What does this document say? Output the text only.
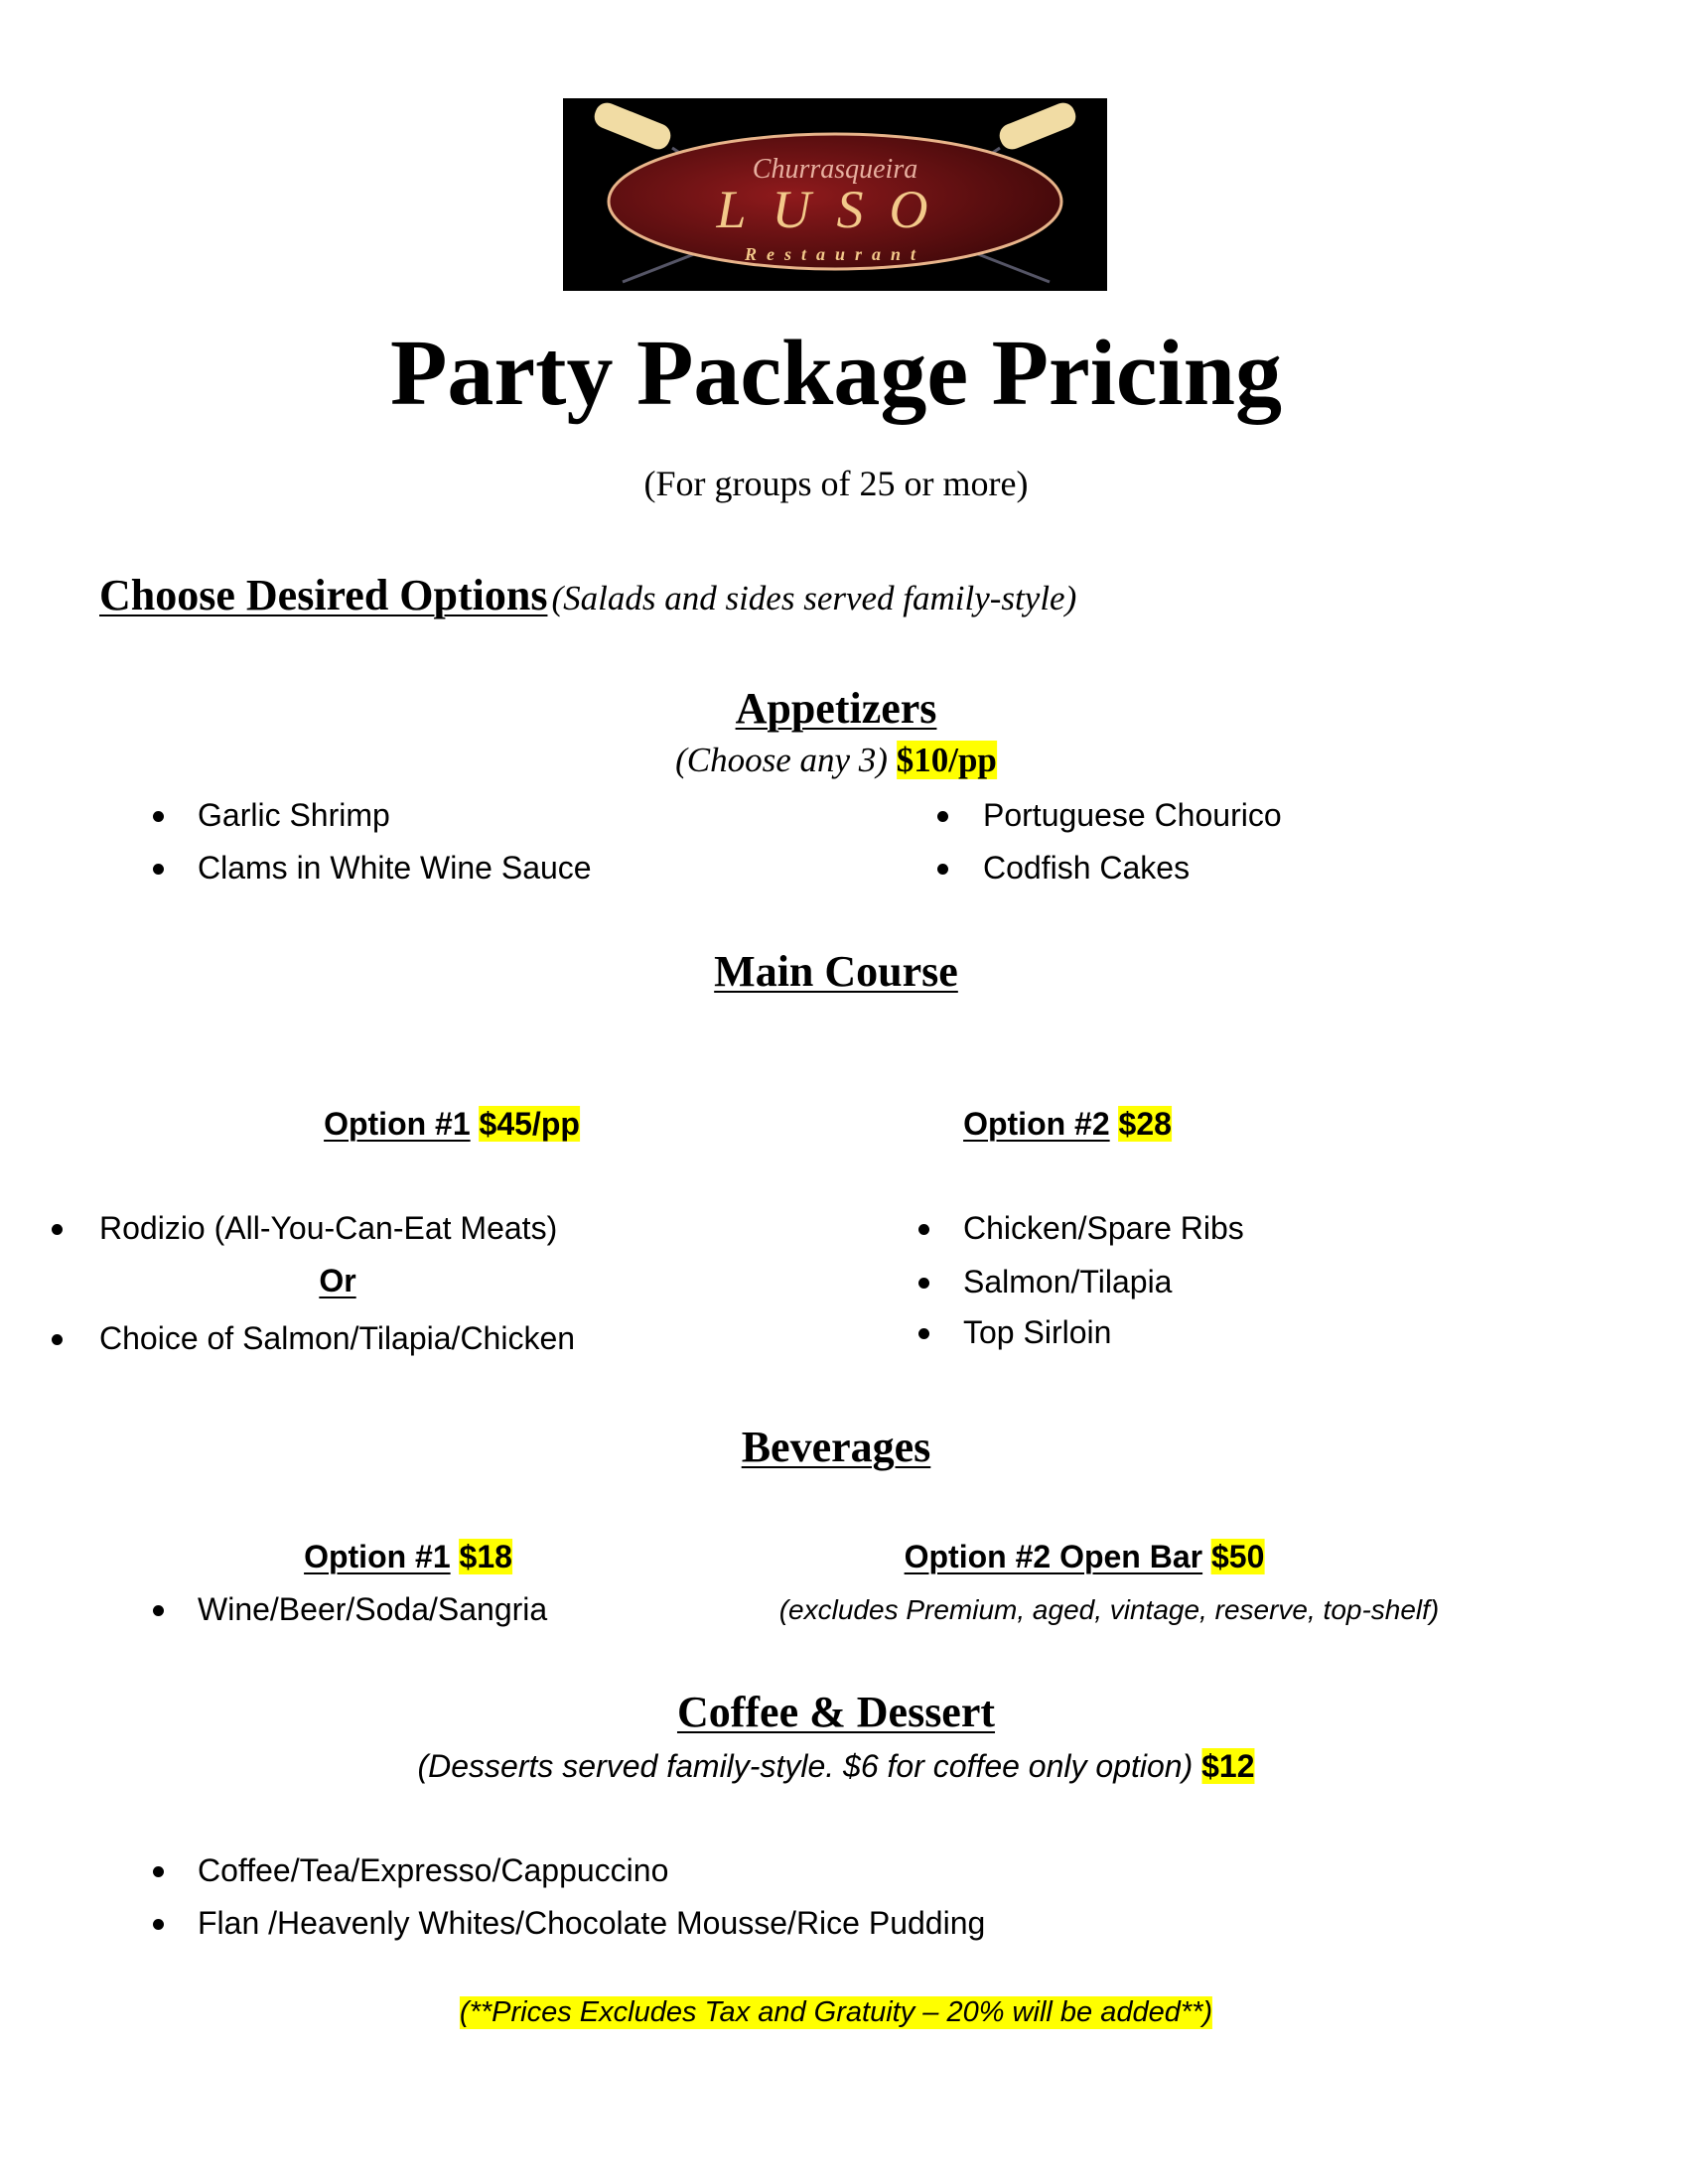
Churrasqueira
LUSO
Restaurant
Party Package Pricing
(For groups of 25 or more)
Choose Desired Options (Salads and sides served family-style)
Appetizers
(Choose any 3) $10/pp
Garlic Shrimp
Clams in White Wine Sauce
Portuguese Chourico
Codfish Cakes
Main Course
Option #1 $45/pp	Option #2 $28
Rodizio (All-You-Can-Eat Meats)
Or
Choice of Salmon/Tilapia/Chicken
Chicken/Spare Ribs
Salmon/Tilapia
Top Sirloin
Beverages
Option #1 $18
Wine/Beer/Soda/Sangria
Option #2 Open Bar $50
(excludes Premium, aged, vintage, reserve, top-shelf)
Coffee & Dessert
(Desserts served family-style. $6 for coffee only option) $12
Coffee/Tea/Expresso/Cappuccino
Flan /Heavenly Whites/Chocolate Mousse/Rice Pudding
(**Prices Excludes Tax and Gratuity – 20% will be added**)
